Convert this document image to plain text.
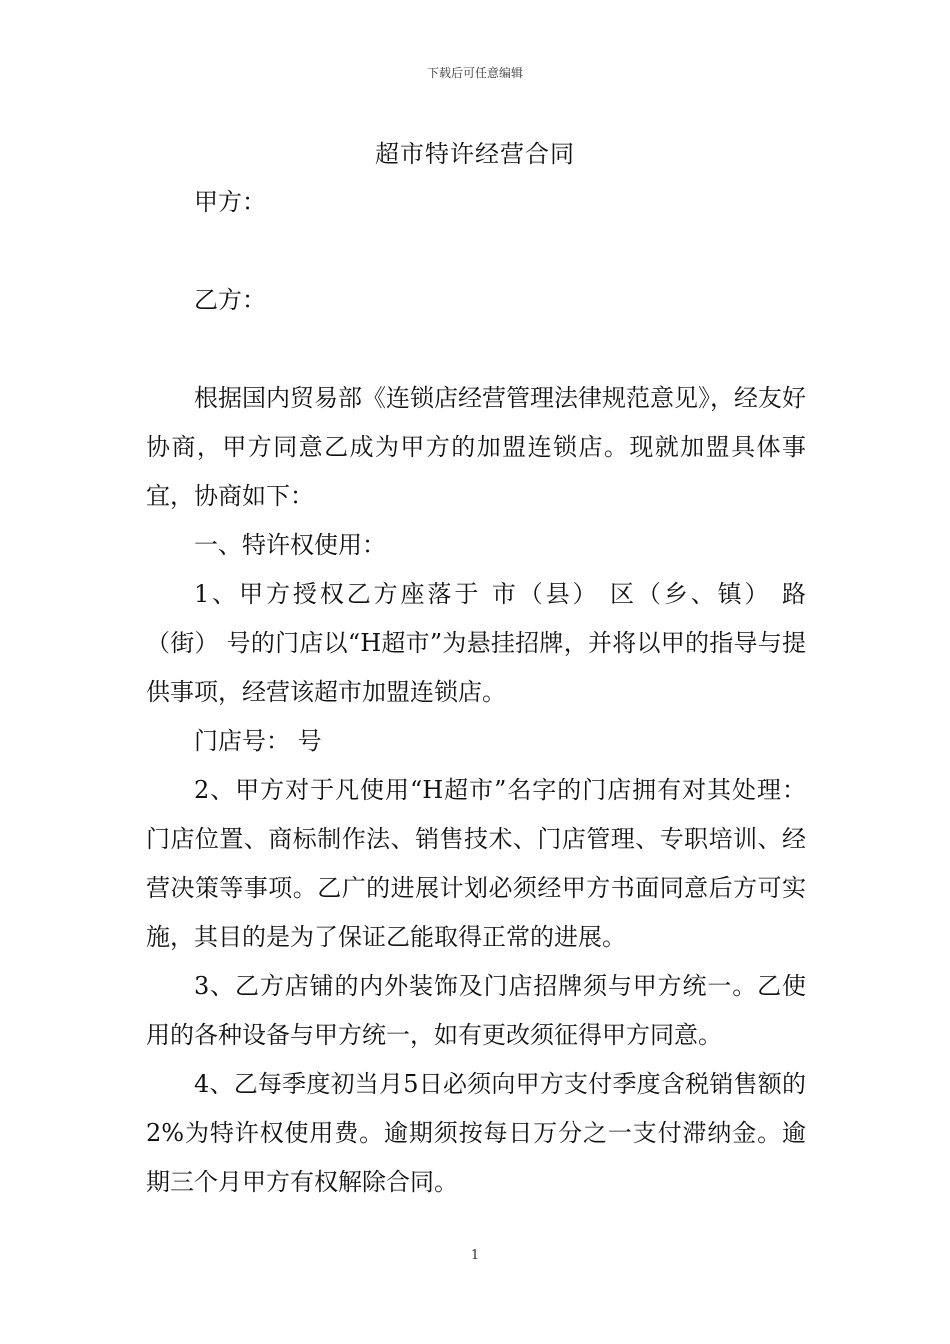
下载后可任意编辑
超市特许经营合同

甲方：

乙方：

根据国内贸易部《连锁店经营管理法律规范意见》，经友好协商，甲方同意乙成为甲方的加盟连锁店。现就加盟具体事宜，协商如下：

一、特许权使用：

1、甲方授权乙方座落于 市（县） 区（乡、镇） 路（街） 号的门店以“H超市”为悬挂招牌，并将以甲的指导与提供事项，经营该超市加盟连锁店。

门店号： 号

2、甲方对于凡使用“H超市”名字的门店拥有对其处理：门店位置、商标制作法、销售技术、门店管理、专职培训、经营决策等事项。乙广的进展计划必须经甲方书面同意后方可实施，其目的是为了保证乙能取得正常的进展。

3、乙方店铺的内外装饰及门店招牌须与甲方统一。乙使用的各种设备与甲方统一，如有更改须征得甲方同意。

4、乙每季度初当月5日必须向甲方支付季度含税销售额的2%为特许权使用费。逾期须按每日万分之一支付滞纳金。逾期三个月甲方有权解除合同。

1
